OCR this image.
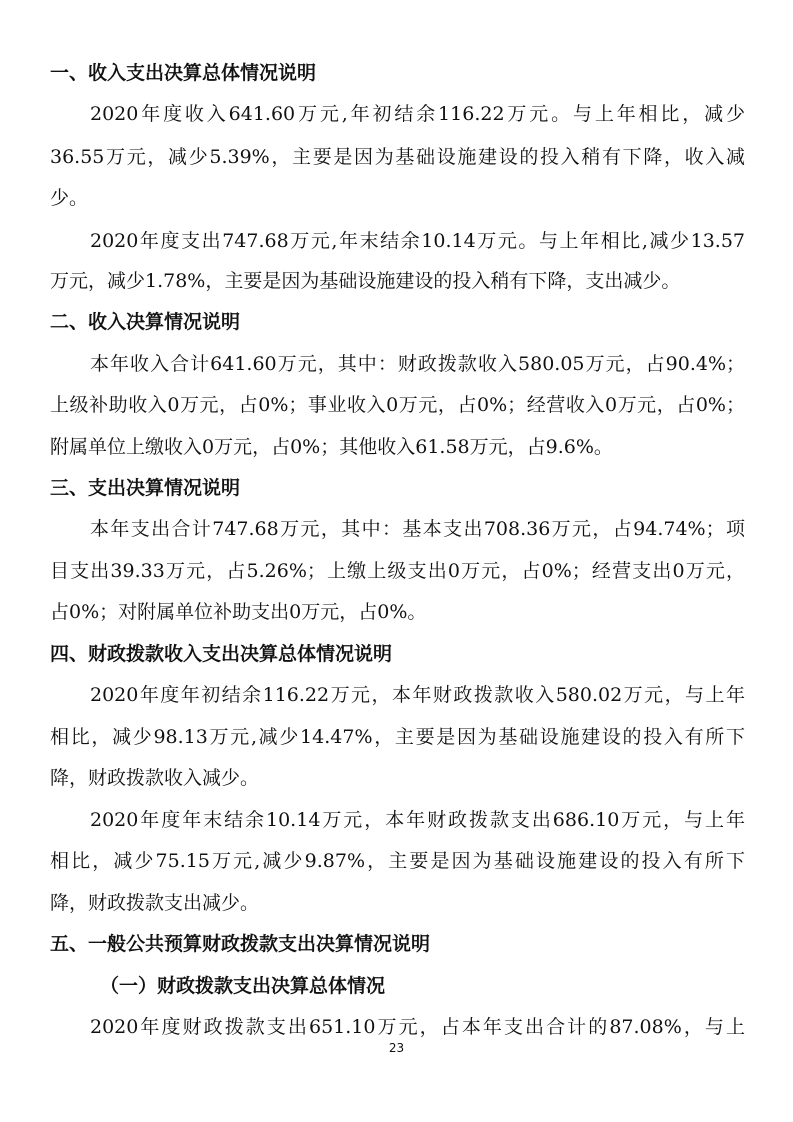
一、收入支出决算总体情况说明
2020年度收入641.60万元,年初结余116.22万元。与上年相比，减少
36.55万元，减少5.39%，主要是因为基础设施建设的投入稍有下降，收入减
少。
2020年度支出747.68万元,年末结余10.14万元。与上年相比,减少13.57
万元，减少1.78%，主要是因为基础设施建设的投入稍有下降，支出减少。
二、收入决算情况说明
本年收入合计641.60万元，其中：财政拨款收入580.05万元，占90.4%；
上级补助收入0万元，占0%；事业收入0万元，占0%；经营收入0万元，占0%；
附属单位上缴收入0万元，占0%；其他收入61.58万元，占9.6%。
三、支出决算情况说明
本年支出合计747.68万元，其中：基本支出708.36万元，占94.74%；项
目支出39.33万元，占5.26%；上缴上级支出0万元，占0%；经营支出0万元，
占0%；对附属单位补助支出0万元，占0%。
四、财政拨款收入支出决算总体情况说明
2020年度年初结余116.22万元，本年财政拨款收入580.02万元，与上年
相比，减少98.13万元,减少14.47%，主要是因为基础设施建设的投入有所下
降，财政拨款收入减少。
2020年度年末结余10.14万元，本年财政拨款支出686.10万元，与上年
相比，减少75.15万元,减少9.87%，主要是因为基础设施建设的投入有所下
降，财政拨款支出减少。
五、一般公共预算财政拨款支出决算情况说明
（一）财政拨款支出决算总体情况
2020年度财政拨款支出651.10万元，占本年支出合计的87.08%，与上
23
